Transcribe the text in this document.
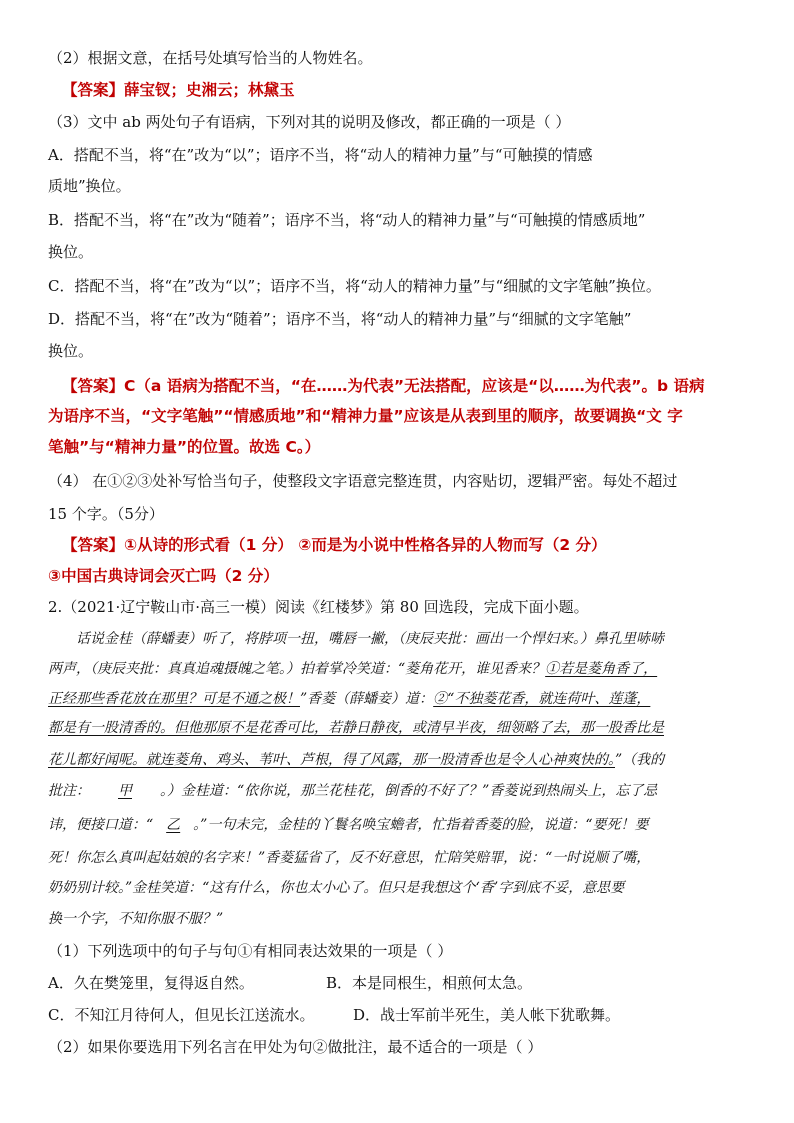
（2）根据文意，在括号处填写恰当的人物姓名。
【答案】薛宝钗；史湘云；林黛玉
（3）文中 ab 两处句子有语病，下列对其的说明及修改，都正确的一项是（ ）
A．搭配不当，将“在”改为“以”；语序不当，将“动人的精神力量”与“可触摸的情感
质地”换位。
B．搭配不当，将“在”改为“随着”；语序不当，将“动人的精神力量”与“可触摸的情感质地”
换位。
C．搭配不当，将“在”改为“以”；语序不当，将“动人的精神力量”与“细腻的文字笔触”换位。
D．搭配不当，将“在”改为“随着”；语序不当，将“动人的精神力量”与“细腻的文字笔触”
换位。
【答案】C（a 语病为搭配不当，“在……为代表”无法搭配，应该是“以……为代表”。b 语病
为语序不当，“文字笔触”“情感质地”和“精神力量”应该是从表到里的顺序，故要调换“文 字
笔触”与“精神力量”的位置。故选 C。）
（4） 在①②③处补写恰当句子，使整段文字语意完整连贯，内容贴切，逻辑严密。每处不超过
15 个字。（5分）
【答案】①从诗的形式看（1 分） ②而是为小说中性格各异的人物而写（2 分）
③中国古典诗词会灭亡吗（2 分）
2.（2021·辽宁鞍山市·高三一模）阅读《红楼梦》第 80 回选段，完成下面小题。
话说金桂（薛蟠妻）听了，将脖项一扭，嘴唇一撇，（庚辰夹批：画出一个悍妇来。）鼻孔里哧哧
两声，（庚辰夹批：真真追魂摄魄之笔。）拍着掌冷笑道：“菱角花开，谁见香来？①若是菱角香了，
正经那些香花放在那里？可是不通之极！”香菱（薛蟠妾）道：②“不独菱花香，就连荷叶、莲蓬，
都是有一股清香的。但他那原不是花香可比，若静日静夜，或清早半夜，细领略了去，那一股香比是
花儿都好闻呢。就连菱角、鸡头、苇叶、芦根，得了风露，那一股清香也是令人心神爽快的。”（我的
批注： 甲 。）金桂道：“依你说，那兰花桂花，倒香的不好了？”香菱说到热闹头上，忘了忌
讳，便接口道：“ 乙 。”一句未完，金桂的丫鬟名唤宝蟾者，忙指着香菱的脸，说道：“要死！要
死！你怎么真叫起姑娘的名字来！”香菱猛省了，反不好意思，忙陪笑赔罪，说：“一时说顺了嘴，
奶奶别计较。”金桂笑道：“这有什么，你也太小心了。但只是我想这个‘香’字到底不妥，意思要
换一个字，不知你服不服？”
（1）下列选项中的句子与句①有相同表达效果的一项是（ ）
A．久在樊笼里，复得返自然。	B．本是同根生，相煎何太急。
C．不知江月待何人，但见长江送流水。	D．战士军前半死生，美人帐下犹歌舞。
（2）如果你要选用下列名言在甲处为句②做批注，最不适合的一项是（ ）
